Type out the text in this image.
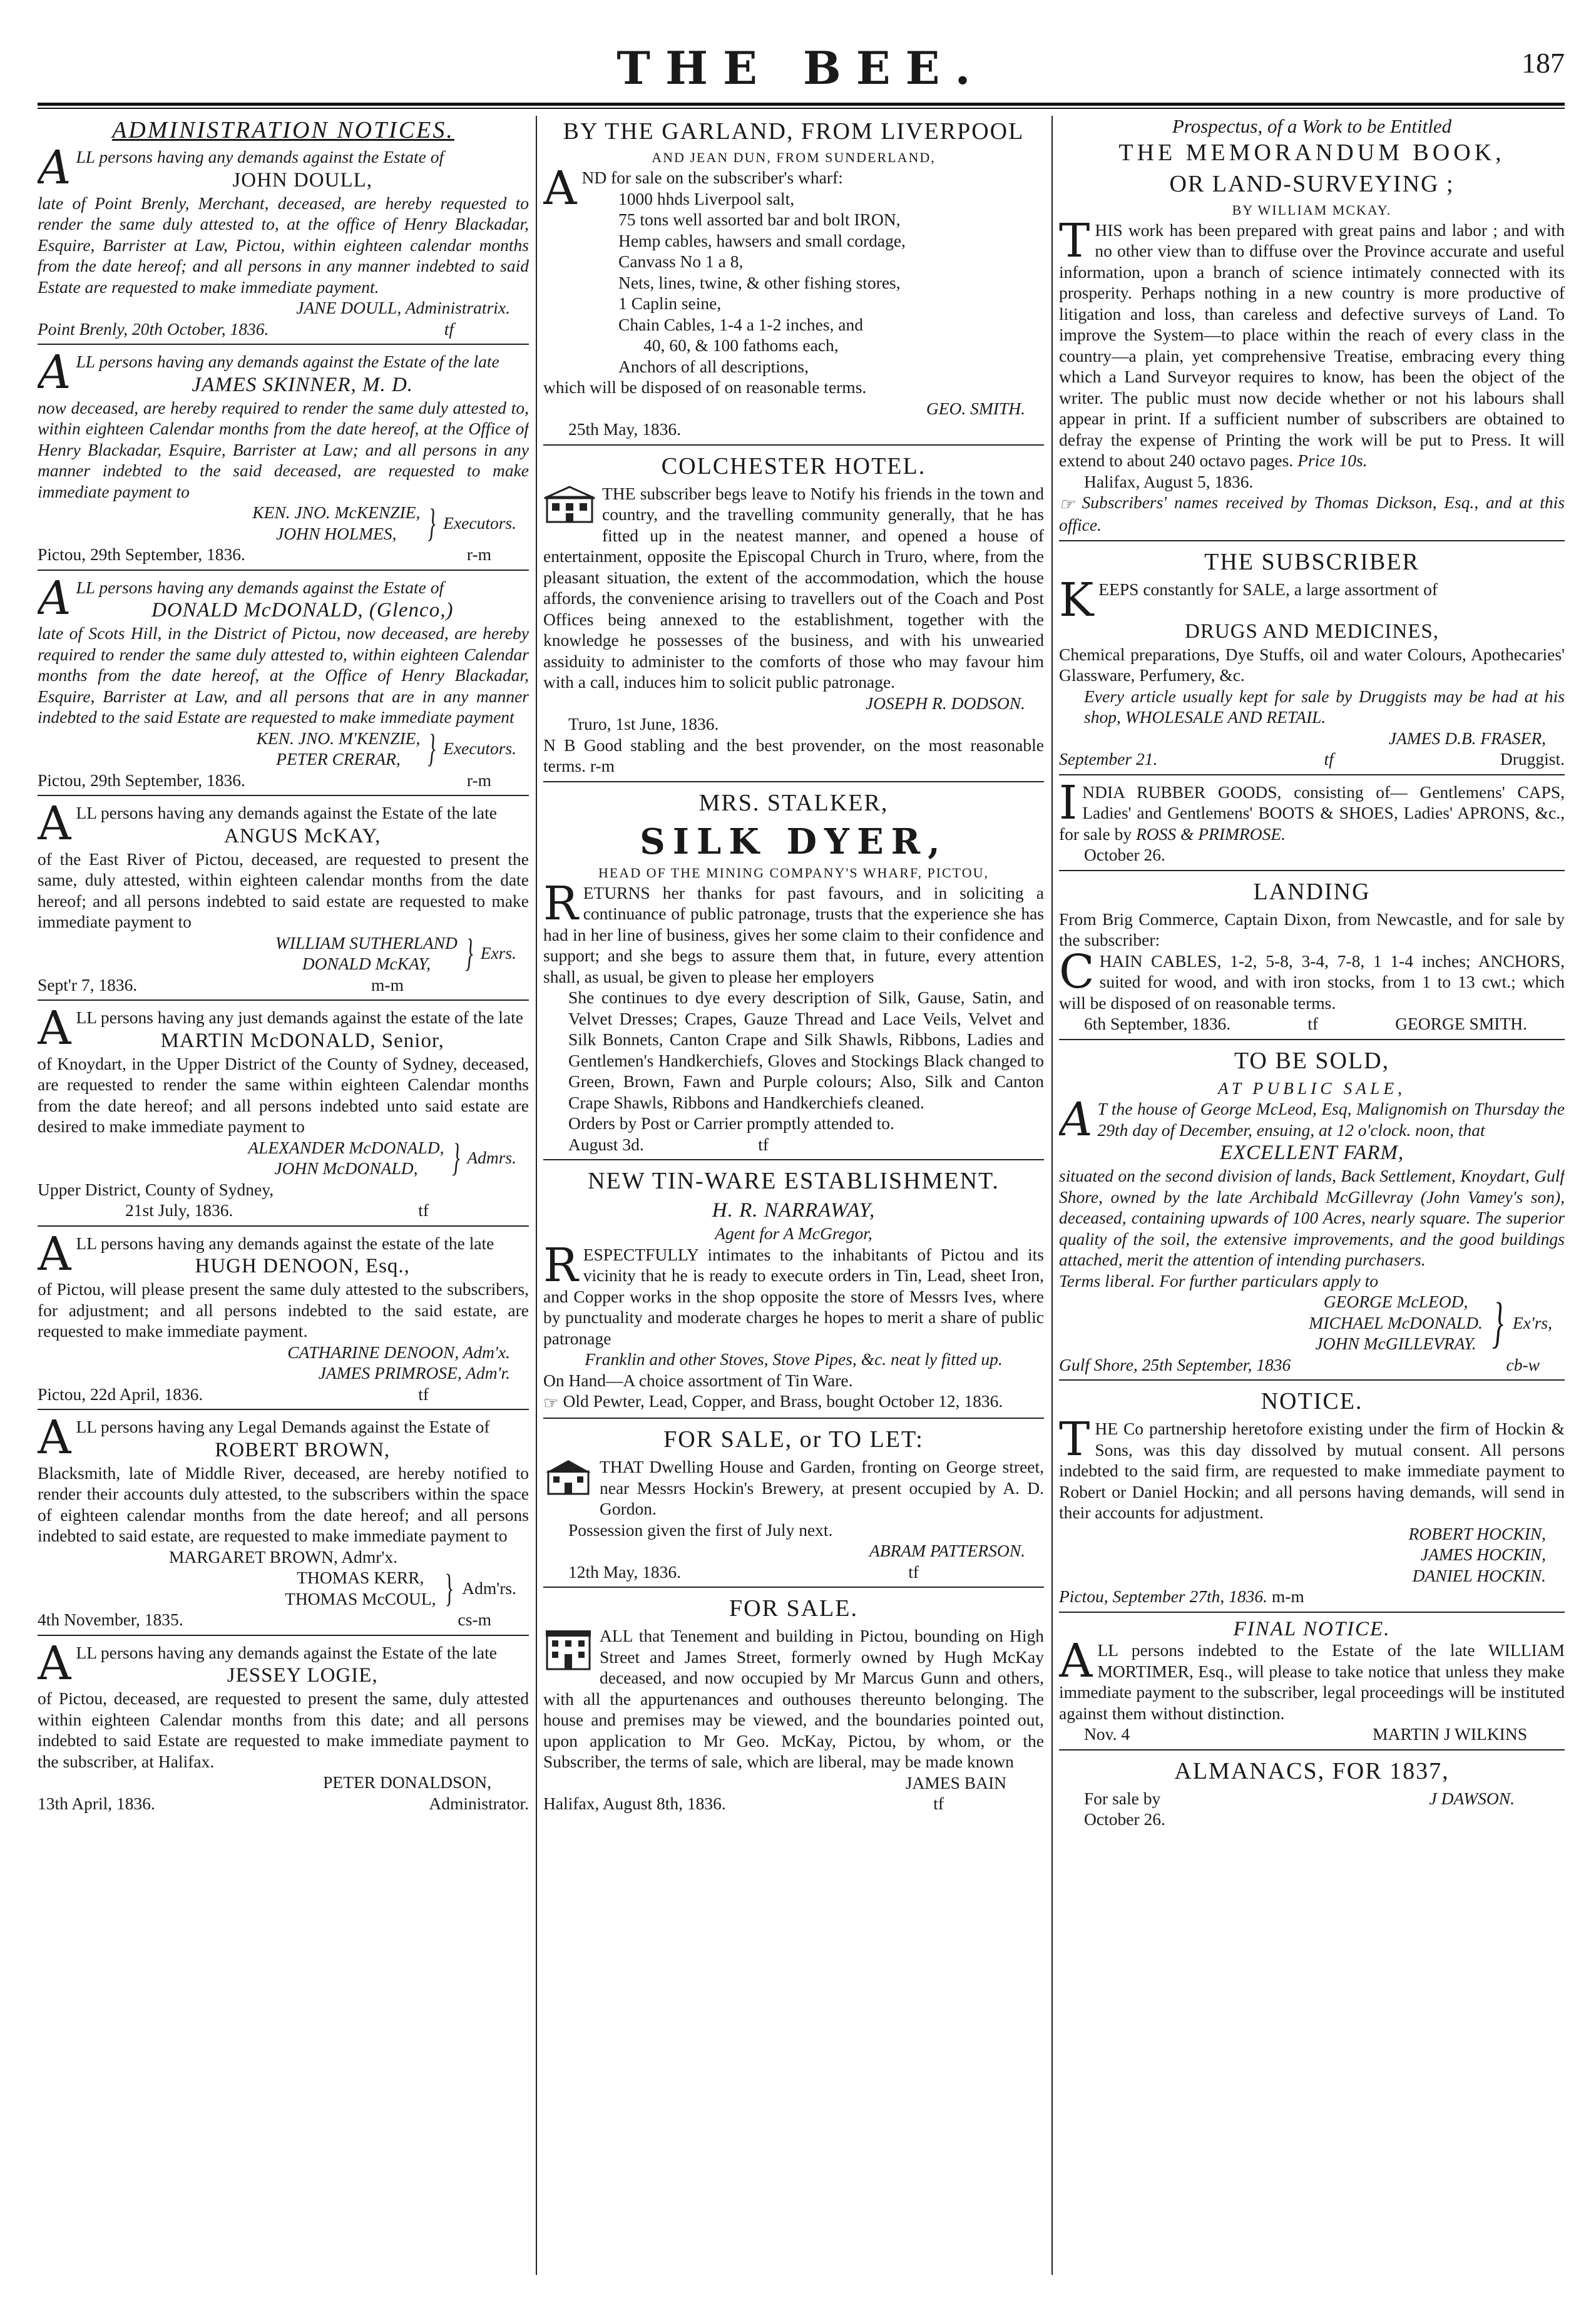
THE BEE.	187
ADMINISTRATION NOTICES.
ALL persons having any demands against the Estate of
JOHN DOULL,
late of Point Brenly, Merchant, deceased, are hereby requested to render the same duly attested to, at the office of Henry Blackadar, Esquire, Barrister at Law, Pictou, within eighteen calendar months from the date hereof; and all persons in any manner indebted to said Estate are requested to make immediate payment.
JANE DOULL, Administratrix.
Point Brenly, 20th October, 1836.	tf
ALL persons having any demands against the Estate of the late
JAMES SKINNER, M. D.
now deceased, are hereby required to render the same duly attested to, within eighteen Calendar months from the date hereof, at the Office of Henry Blackadar, Esquire, Barrister at Law; and all persons in any manner indebted to the said deceased, are requested to make immediate payment to
KEN. JNO. McKENZIE,
JOHN HOLMES, } Executors.
Pictou, 29th September, 1836.	r-m
ALL persons having any demands against the Estate of
DONALD McDONALD, (Glenco,)
late of Scots Hill, in the District of Pictou, now deceased, are hereby required to render the same duly attested to, within eighteen Calendar months from the date hereof, at the Office of Henry Blackadar, Esquire, Barrister at Law, and all persons that are in any manner indebted to the said Estate are requested to make immediate payment
KEN. JNO. M'KENZIE,
PETER CRERAR, } Executors.
Pictou, 29th September, 1836.	r-m
ALL persons having any demands against the Estate of the late
ANGUS McKAY,
of the East River of Pictou, deceased, are requested to present the same, duly attested, within eighteen calendar months from the date hereof; and all persons indebted to said estate are requested to make immediate payment to
WILLIAM SUTHERLAND
DONALD McKAY, } Exrs.
Sept'r 7, 1836.	m-m
ALL persons having any just demands against the estate of the late
MARTIN McDONALD, Senior,
of Knoydart, in the Upper District of the County of Sydney, deceased, are requested to render the same within eighteen Calendar months from the date hereof; and all persons indebted unto said estate are desired to make immediate payment to
ALEXANDER McDONALD,
JOHN McDONALD, } Admrs.
Upper District, County of Sydney,
21st July, 1836.	tf
ALL persons having any demands against the estate of the late
HUGH DENOON, Esq.,
of Pictou, will please present the same duly attested to the subscribers, for adjustment; and all persons indebted to the said estate, are requested to make immediate payment.
CATHARINE DENOON, Adm'x.
JAMES PRIMROSE, Adm'r.
Pictou, 22d April, 1836.	tf
ALL persons having any Legal Demands against the Estate of
ROBERT BROWN,
Blacksmith, late of Middle River, deceased, are hereby notified to render their accounts duly attested, to the subscribers within the space of eighteen calendar months from the date hereof; and all persons indebted to said estate, are requested to make immediate payment to
MARGARET BROWN, Admr'x.
THOMAS KERR,
THOMAS McCOUL, } Adm'rs.
4th November, 1835.	cs-m
ALL persons having any demands against the Estate of the late
JESSEY LOGIE,
of Pictou, deceased, are requested to present the same, duly attested within eighteen Calendar months from this date; and all persons indebted to said Estate are requested to make immediate payment to the subscriber, at Halifax.
PETER DONALDSON,
13th April, 1836.	Administrator.
BY THE GARLAND, FROM LIVERPOOL
AND JEAN DUN, FROM SUNDERLAND,
AND for sale on the subscriber's wharf:
1000 hhds Liverpool salt,
75 tons well assorted bar and bolt IRON,
Hemp cables, hawsers and small cordage,
Canvass No 1 a 8,
Nets, lines, twine, & other fishing stores,
1 Caplin seine,
Chain Cables, 1-4 a 1-2 inches, and
40, 60, & 100 fathoms each,
Anchors of all descriptions,
which will be disposed of on reasonable terms.
GEO. SMITH.
25th May, 1836.
COLCHESTER HOTEL.
THE subscriber begs leave to Notify his friends in the town and country, and the travelling community generally, that he has fitted up in the neatest manner, and opened a house of entertainment, opposite the Episcopal Church in Truro, where, from the pleasant situation, the extent of the accommodation, which the house affords, the convenience arising to travellers out of the Coach and Post Offices being annexed to the establishment, together with the knowledge he possesses of the business, and with his unwearied assiduity to administer to the comforts of those who may favour him with a call, induces him to solicit public patronage.
JOSEPH R. DODSON.
Truro, 1st June, 1836.
N B Good stabling and the best provender, on the most reasonable terms. r-m
MRS. STALKER,
SILK DYER,
HEAD OF THE MINING COMPANY'S WHARF, PICTOU,
RETURNS her thanks for past favours, and in soliciting a continuance of public patronage, trusts that the experience she has had in her line of business, gives her some claim to their confidence and support; and she begs to assure them that, in future, every attention shall, as usual, be given to please her employers
She continues to dye every description of Silk, Gause, Satin, and Velvet Dresses; Crapes, Gauze Thread and Lace Veils, Velvet and Silk Bonnets, Canton Crape and Silk Shawls, Ribbons, Ladies and Gentlemen's Handkerchiefs, Gloves and Stockings Black changed to Green, Brown, Fawn and Purple colours; Also, Silk and Canton Crape Shawls, Ribbons and Handkerchiefs cleaned.
Orders by Post or Carrier promptly attended to.
August 3d.	tf
NEW TIN-WARE ESTABLISHMENT.
H. R. NARRAWAY,
Agent for A McGregor,
RESPECTFULLY intimates to the inhabitants of Pictou and its vicinity that he is ready to execute orders in Tin, Lead, sheet Iron, and Copper works in the shop opposite the store of Messrs Ives, where by punctuality and moderate charges he hopes to merit a share of public patronage
Franklin and other Stoves, Stove Pipes, &c. neat ly fitted up.
On Hand—A choice assortment of Tin Ware.
☞ Old Pewter, Lead, Copper, and Brass, bought October 12, 1836.
FOR SALE, or TO LET:
THAT Dwelling House and Garden, fronting on George street, near Messrs Hockin's Brewery, at present occupied by A. D. Gordon.
Possession given the first of July next.
ABRAM PATTERSON.
12th May, 1836.	tf
FOR SALE.
ALL that Tenement and building in Pictou, bounding on High Street and James Street, formerly owned by Hugh McKay deceased, and now occupied by Mr Marcus Gunn and others, with all the appurtenances and outhouses thereunto belonging. The house and premises may be viewed, and the boundaries pointed out, upon application to Mr Geo. McKay, Pictou, by whom, or the Subscriber, the terms of sale, which are liberal, may be made known
JAMES BAIN
Halifax, August 8th, 1836.	tf
Prospectus, of a Work to be Entitled
THE MEMORANDUM BOOK,
OR LAND-SURVEYING ;
BY WILLIAM MCKAY.
THIS work has been prepared with great pains and labor ; and with no other view than to diffuse over the Province accurate and useful information, upon a branch of science intimately connected with its prosperity. Perhaps nothing in a new country is more productive of litigation and loss, than careless and defective surveys of Land. To improve the System—to place within the reach of every class in the country—a plain, yet comprehensive Treatise, embracing every thing which a Land Surveyor requires to know, has been the object of the writer. The public must now decide whether or not his labours shall appear in print. If a sufficient number of subscribers are obtained to defray the expense of Printing the work will be put to Press. It will extend to about 240 octavo pages. Price 10s.
Halifax, August 5, 1836.
☞ Subscribers' names received by Thomas Dickson, Esq., and at this office.
THE SUBSCRIBER
KEEPS constantly for SALE, a large assortment of
DRUGS AND MEDICINES,
Chemical preparations, Dye Stuffs, oil and water Colours, Apothecaries' Glassware, Perfumery, &c.
Every article usually kept for sale by Druggists may be had at his shop, WHOLESALE AND RETAIL.
JAMES D.B. FRASER,
September 21.	tf	Druggist.
INDIA RUBBER GOODS, consisting of— Gentlemens' CAPS, Ladies' and Gentlemens' BOOTS & SHOES, Ladies' APRONS, &c., for sale by ROSS & PRIMROSE.
October 26.
LANDING
From Brig Commerce, Captain Dixon, from Newcastle, and for sale by the subscriber:
CHAIN CABLES, 1-2, 5-8, 3-4, 7-8, 1 1-4 inches; ANCHORS, suited for wood, and with iron stocks, from 1 to 13 cwt.; which will be disposed of on reasonable terms.
6th September, 1836.	tf	GEORGE SMITH.
TO BE SOLD,
AT PUBLIC SALE,
A T the house of George McLeod, Esq, Malignomish on Thursday the 29th day of December, ensuing, at 12 o'clock. noon, that
EXCELLENT FARM,
situated on the second division of lands, Back Settlement, Knoydart, Gulf Shore, owned by the late Archibald McGillevray (John Vamey's son), deceased, containing upwards of 100 Acres, nearly square. The superior quality of the soil, the extensive improvements, and the good buildings attached, merit the attention of intending purchasers.
Terms liberal. For further particulars apply to
GEORGE McLEOD,
MICHAEL McDONALD.
JOHN McGILLEVRAY. } Ex'rs,
Gulf Shore, 25th September, 1836	cb-w
NOTICE.
THE Co partnership heretofore existing under the firm of Hockin & Sons, was this day dissolved by mutual consent. All persons indebted to the said firm, are requested to make immediate payment to Robert or Daniel Hockin; and all persons having demands, will send in their accounts for adjustment.
ROBERT HOCKIN,
JAMES HOCKIN,
DANIEL HOCKIN.
Pictou, September 27th, 1836. m-m
FINAL NOTICE.
ALL persons indebted to the Estate of the late WILLIAM MORTIMER, Esq., will please to take notice that unless they make immediate payment to the subscriber, legal proceedings will be instituted against them without distinction.
Nov. 4	MARTIN J WILKINS
ALMANACS, FOR 1837,
For sale by	J DAWSON.
October 26.
